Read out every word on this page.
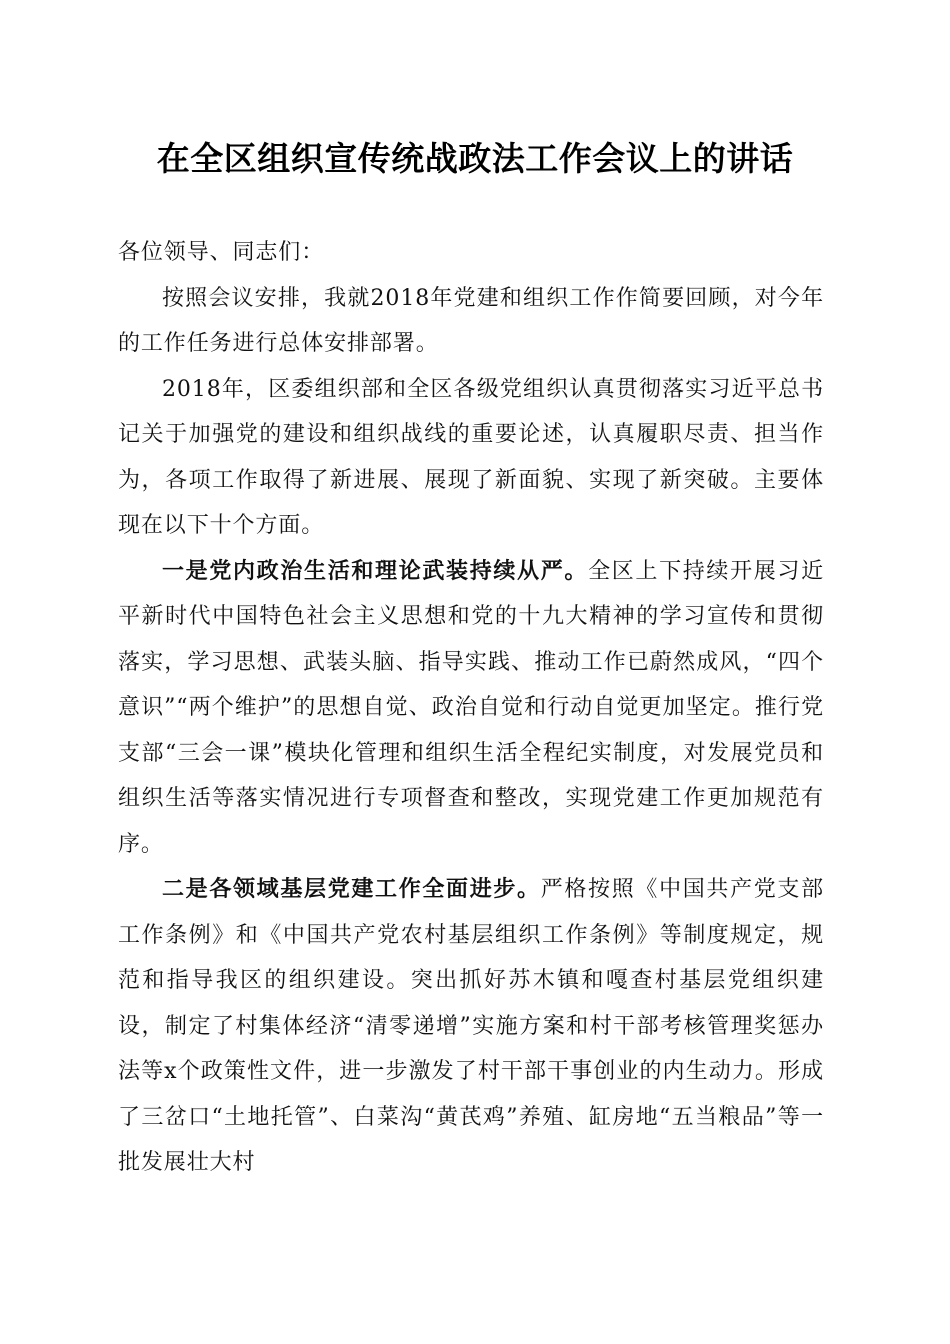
在全区组织宣传统战政法工作会议上的讲话

各位领导、同志们：

按照会议安排，我就2018年党建和组织工作作简要回顾，对今年的工作任务进行总体安排部署。

2018年，区委组织部和全区各级党组织认真贯彻落实习近平总书记关于加强党的建设和组织战线的重要论述，认真履职尽责、担当作为，各项工作取得了新进展、展现了新面貌、实现了新突破。主要体现在以下十个方面。

一是党内政治生活和理论武装持续从严。全区上下持续开展习近平新时代中国特色社会主义思想和党的十九大精神的学习宣传和贯彻落实，学习思想、武装头脑、指导实践、推动工作已蔚然成风，“四个意识”“两个维护”的思想自觉、政治自觉和行动自觉更加坚定。推行党支部“三会一课”模块化管理和组织生活全程纪实制度，对发展党员和组织生活等落实情况进行专项督查和整改，实现党建工作更加规范有序。

二是各领域基层党建工作全面进步。严格按照《中国共产党支部工作条例》和《中国共产党农村基层组织工作条例》等制度规定，规范和指导我区的组织建设。突出抓好苏木镇和嘎查村基层党组织建设，制定了村集体经济“清零递增”实施方案和村干部考核管理奖惩办法等x个政策性文件，进一步激发了村干部干事创业的内生动力。形成了三岔口“土地托管”、白菜沟“黄芪鸡”养殖、缸房地“五当粮品”等一批发展壮大村
